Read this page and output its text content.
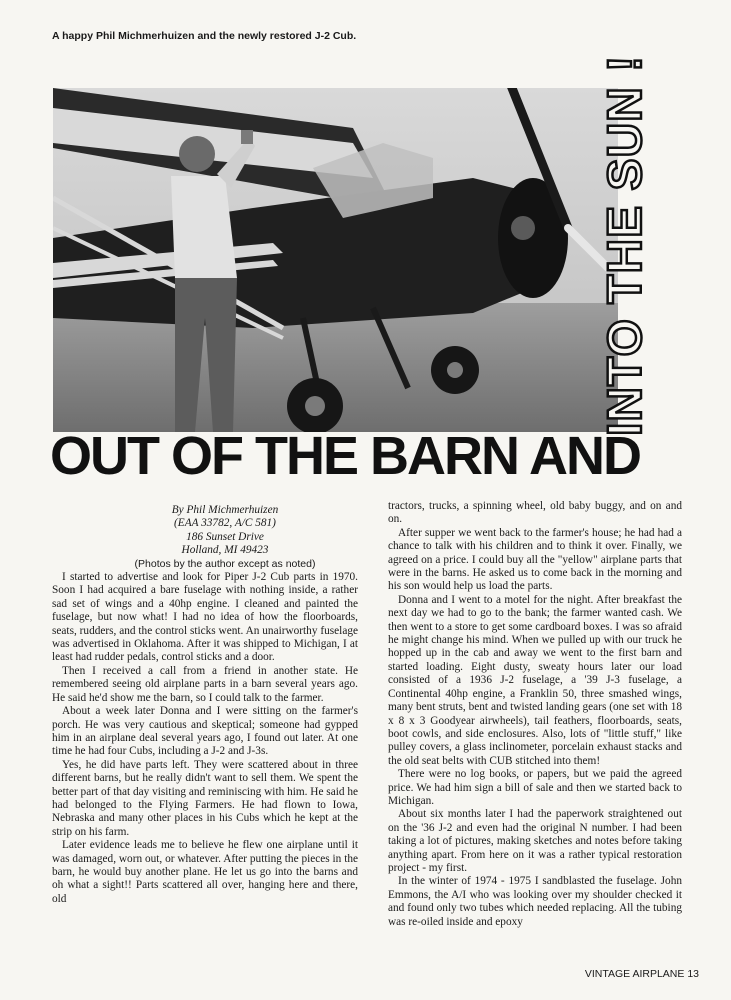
A happy Phil Michmerhuizen and the newly restored J-2 Cub.
INTO THE SUN !
OUT OF THE BARN AND
By Phil Michmerhuizen
(EAA 33782, A/C 581)
186 Sunset Drive
Holland, MI 49423
(Photos by the author except as noted)

I started to advertise and look for Piper J-2 Cub parts in 1970. Soon I had acquired a bare fuselage with nothing inside, a rather sad set of wings and a 40hp engine. I cleaned and painted the fuselage, but now what! I had no idea of how the floorboards, seats, rudders, and the control sticks went. An unairworthy fuselage was advertised in Oklahoma. After it was shipped to Michigan, I at least had rudder pedals, control sticks and a door.

Then I received a call from a friend in another state. He remembered seeing old airplane parts in a barn several years ago. He said he'd show me the barn, so I could talk to the farmer.

About a week later Donna and I were sitting on the farmer's porch. He was very cautious and skeptical; someone had gypped him in an airplane deal several years ago, I found out later. At one time he had four Cubs, including a J-2 and J-3s.

Yes, he did have parts left. They were scattered about in three different barns, but he really didn't want to sell them. We spent the better part of that day visiting and reminiscing with him. He said he had belonged to the Flying Farmers. He had flown to Iowa, Nebraska and many other places in his Cubs which he kept at the strip on his farm.

Later evidence leads me to believe he flew one airplane until it was damaged, worn out, or whatever. After putting the pieces in the barn, he would buy another plane. He let us go into the barns and oh what a sight!! Parts scattered all over, hanging here and there, old

tractors, trucks, a spinning wheel, old baby buggy, and on and on.

After supper we went back to the farmer's house; he had had a chance to talk with his children and to think it over. Finally, we agreed on a price. I could buy all the "yellow" airplane parts that were in the barns. He asked us to come back in the morning and his son would help us load the parts.

Donna and I went to a motel for the night. After breakfast the next day we had to go to the bank; the farmer wanted cash. We then went to a store to get some cardboard boxes. I was so afraid he might change his mind. When we pulled up with our truck he hopped up in the cab and away we went to the first barn and started loading. Eight dusty, sweaty hours later our load consisted of a 1936 J-2 fuselage, a '39 J-3 fuselage, a Continental 40hp engine, a Franklin 50, three smashed wings, many bent struts, bent and twisted landing gears (one set with 18 x 8 x 3 Goodyear airwheels), tail feathers, floorboards, seats, boot cowls, and side enclosures. Also, lots of "little stuff," like pulley covers, a glass inclinometer, porcelain exhaust stacks and the old seat belts with CUB stitched into them!

There were no log books, or papers, but we paid the agreed price. We had him sign a bill of sale and then we started back to Michigan.

About six months later I had the paperwork straightened out on the '36 J-2 and even had the original N number. I had been taking a lot of pictures, making sketches and notes before taking anything apart. From here on it was a rather typical restoration project - my first.

In the winter of 1974 - 1975 I sandblasted the fuselage. John Emmons, the A/I who was looking over my shoulder checked it and found only two tubes which needed replacing. All the tubing was re-oiled inside and epoxy

VINTAGE AIRPLANE 13
